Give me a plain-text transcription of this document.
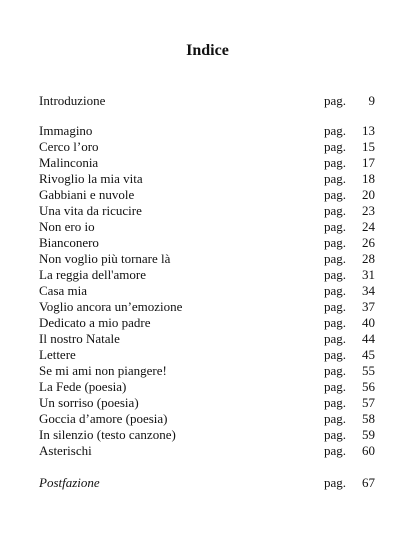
Indice
Introduzione	pag. 9
Immagino	pag. 13
Cerco l’oro	pag. 15
Malinconia	pag. 17
Rivoglio la mia vita	pag. 18
Gabbiani e nuvole	pag. 20
Una vita da ricucire	pag. 23
Non ero io	pag. 24
Bianconero	pag. 26
Non voglio più tornare là	pag. 28
La reggia dell'amore	pag. 31
Casa mia	pag. 34
Voglio ancora un’emozione	pag. 37
Dedicato a mio padre	pag. 40
Il nostro Natale	pag. 44
Lettere	pag. 45
Se mi ami non piangere!	pag. 55
La Fede (poesia)	pag. 56
Un sorriso (poesia)	pag. 57
Goccia d’amore (poesia)	pag. 58
In silenzio (testo canzone)	pag. 59
Asterischi	pag. 60
Postfazione	pag. 67
